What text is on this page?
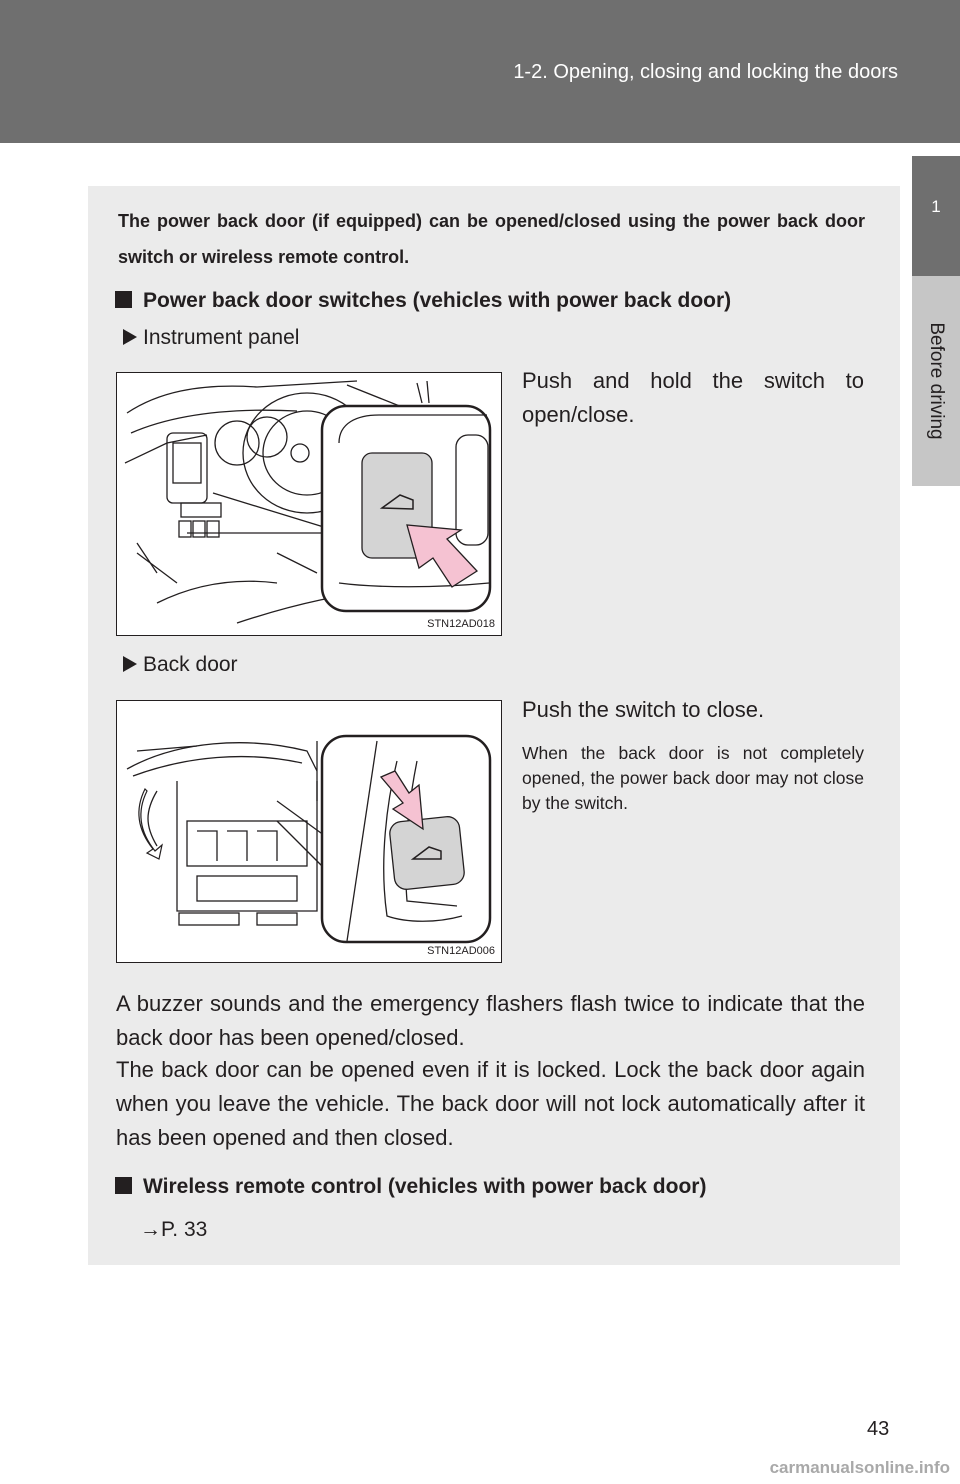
1-2. Opening, closing and locking the doors
1
Before driving
The power back door (if equipped) can be opened/closed using the power back door switch or wireless remote control.
Power back door switches (vehicles with power back door)
Instrument panel
STN12AD018
Push and hold the switch to open/close.
Back door
STN12AD006
Push the switch to close.
When the back door is not completely opened, the power back door may not close by the switch.
A buzzer sounds and the emergency flashers flash twice to indicate that the back door has been opened/closed.
The back door can be opened even if it is locked. Lock the back door again when you leave the vehicle. The back door will not lock automatically after it has been opened and then closed.
Wireless remote control (vehicles with power back door)
→P. 33
43
carmanualsonline.info
